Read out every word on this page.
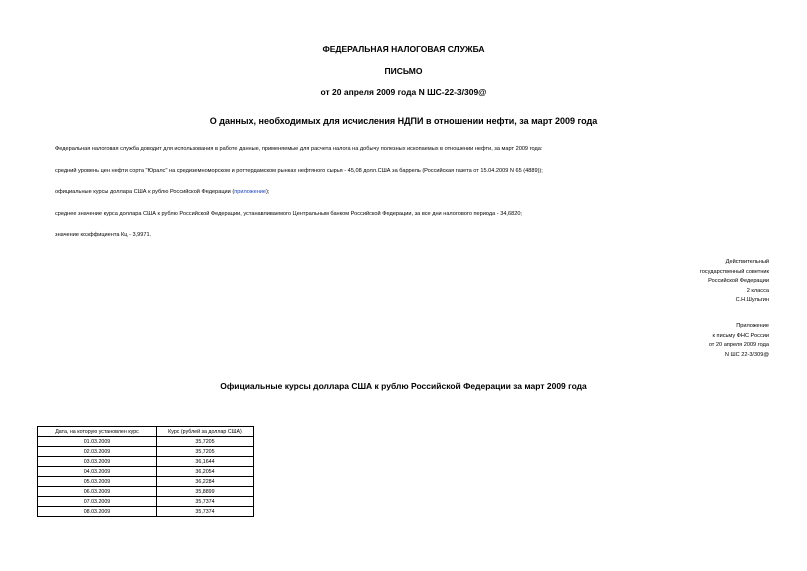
ФЕДЕРАЛЬНАЯ НАЛОГОВАЯ СЛУЖБА
ПИСЬМО
от 20 апреля 2009 года N ШС-22-3/309@
О данных, необходимых для исчисления НДПИ в отношении нефти, за март 2009 года
Федеральная налоговая служба доводит для использования в работе данные, применяемые для расчета налога на добычу полезных ископаемых в отношении нефти, за март 2009 года:
средний уровень цен нефти сорта "Юралс" на средиземноморском и роттердамском рынках нефтяного сырья - 45,08 долл.США за баррель (Российская газета от 15.04.2009 N 65 (4889));
официальные курсы доллара США к рублю Российской Федерации (приложение);
среднее значение курса доллара США к рублю Российской Федерации, устанавливаемого Центральным банком Российской Федерации, за все дни налогового периода - 34,6820;
значение коэффициента Кц - 3,9971.
Действительный
государственный советник
Российской Федерации
2 класса
С.Н.Шульгин
Приложение
к письму ФНС России
от 20 апреля 2009 года
N ШС 22-3/309@
Официальные курсы доллара США к рублю Российской Федерации за март 2009 года
Дата, на которую установлен курс	Курс (рублей за доллар США)
01.03.2009	35,7205
02.03.2009	35,7205
03.03.2009	36,1644
04.03.2009	36,2054
05.03.2009	36,2284
06.03.2009	35,8899
07.03.2009	35,7374
08.03.2009	35,7374
